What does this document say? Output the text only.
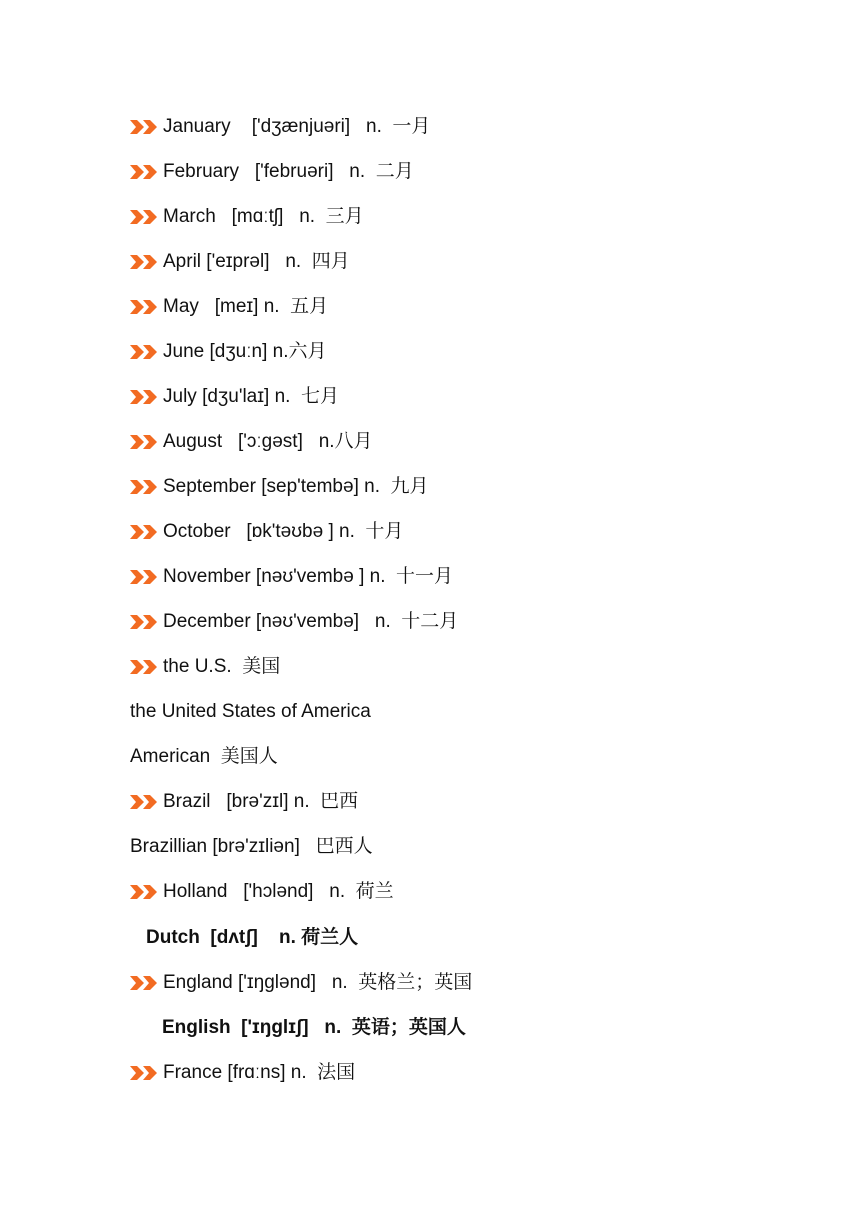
January    ['dʒænjuəri]   n.  一月
February   ['februəri]   n.  二月
March   [mɑːtʃ]   n.  三月
April ['eɪprəl]   n.  四月
May   [meɪ] n.  五月
June [dʒuːn] n.六月
July [dʒu'laɪ] n.  七月
August   ['ɔːgəst]   n.八月
September [sep'tembə] n.  九月
October   [ɒk'təʊbə ] n.  十月
November [nəʊ'vembə ] n.  十一月
December [nəʊ'vembə]   n.  十二月
the U.S.  美国
the United States of America
American  美国人
Brazil   [brə'zɪl] n.  巴西
Brazillian [brə'zɪliən]   巴西人
Holland   ['hɔlənd]   n.  荷兰
Dutch  [dʌtʃ]    n. 荷兰人
England ['ɪŋglənd]   n.  英格兰；英国
English  ['ɪŋglɪʃ]   n.  英语；英国人
France [frɑːns] n.  法国
